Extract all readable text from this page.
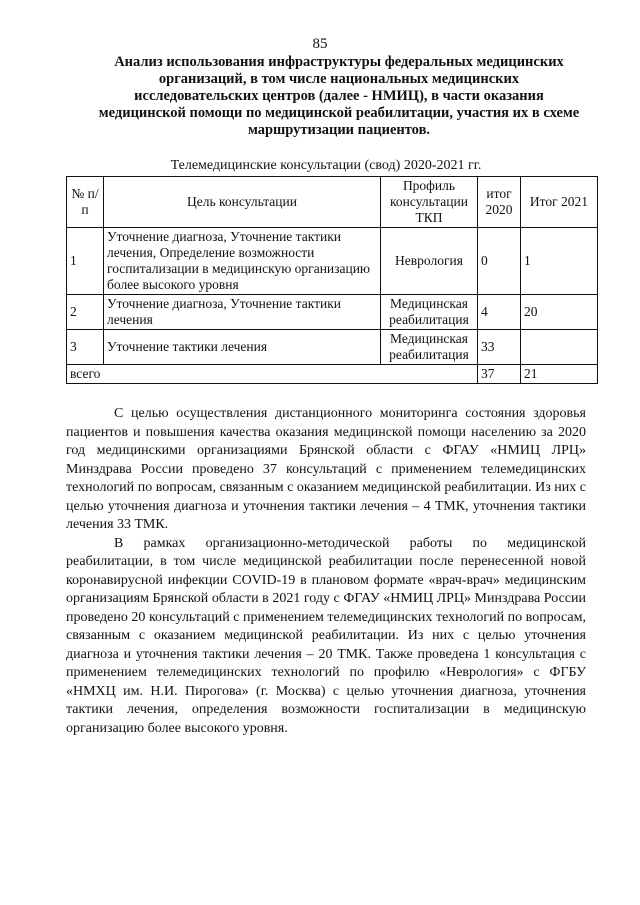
85
Анализ использования инфраструктуры федеральных медицинских организаций, в том числе национальных медицинских исследовательских центров (далее - НМИЦ), в части оказания медицинской помощи по медицинской реабилитации, участия их в схеме маршрутизации пациентов.
Телемедицинские консультации (свод) 2020-2021 гг.
№ п/п	Цель консультации	Профиль консультации ТКП	итог 2020	Итог 2021
1	Уточнение диагноза, Уточнение тактики лечения, Определение возможности госпитализации в медицинскую организацию более высокого уровня	Неврология	0	1
2	Уточнение диагноза, Уточнение тактики лечения	Медицинская реабилитация	4	20
3	Уточнение тактики лечения	Медицинская реабилитация	33	
всего			37	21

С целью осуществления дистанционного мониторинга состояния здоровья пациентов и повышения качества оказания медицинской помощи населению за 2020 год медицинскими организациями Брянской области с ФГАУ «НМИЦ ЛРЦ» Минздрава России проведено 37 консультаций с применением телемедицинских технологий по вопросам, связанным с оказанием медицинской реабилитации. Из них с целью уточнения диагноза и уточнения тактики лечения – 4 ТМК, уточнения тактики лечения 33 ТМК.

В рамках организационно-методической работы по медицинской реабилитации, в том числе медицинской реабилитации после перенесенной новой коронавирусной инфекции COVID-19 в плановом формате «врач-врач» медицинским организациям Брянской области в 2021 году с ФГАУ «НМИЦ ЛРЦ» Минздрава России проведено 20 консультаций с применением телемедицинских технологий по вопросам, связанным с оказанием медицинской реабилитации. Из них с целью уточнения диагноза и уточнения тактики лечения – 20 ТМК. Также проведена 1 консультация с применением телемедицинских технологий по профилю «Неврология» с ФГБУ «НМХЦ им. Н.И. Пирогова» (г. Москва) с целью уточнения диагноза, уточнения тактики лечения, определения возможности госпитализации в медицинскую организацию более высокого уровня.
